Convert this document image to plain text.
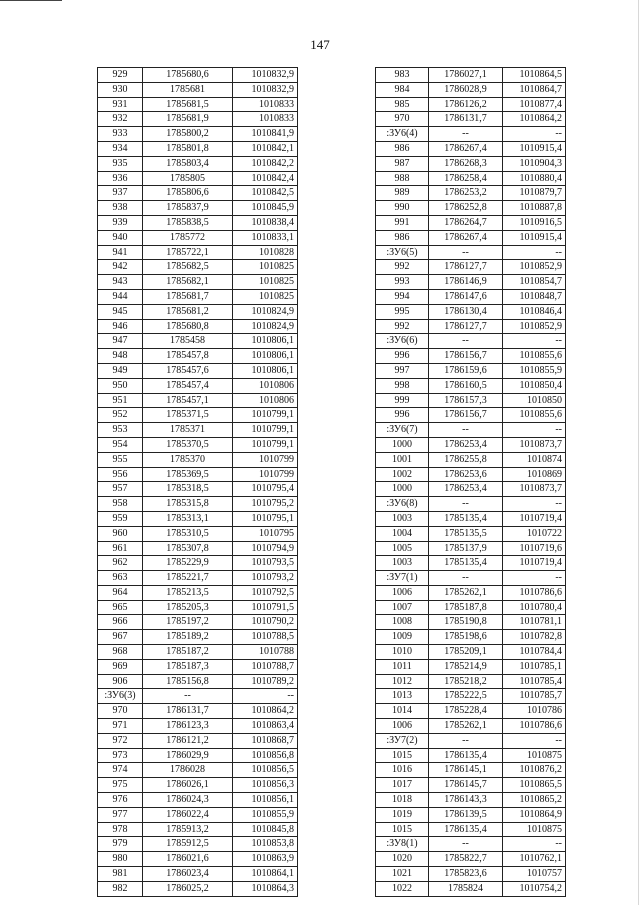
147
929	1785680,6	1010832,9
930	1785681	1010832,9
931	1785681,5	1010833
932	1785681,9	1010833
933	1785800,2	1010841,9
934	1785801,8	1010842,1
935	1785803,4	1010842,2
936	1785805	1010842,4
937	1785806,6	1010842,5
938	1785837,9	1010845,9
939	1785838,5	1010838,4
940	1785772	1010833,1
941	1785722,1	1010828
942	1785682,5	1010825
943	1785682,1	1010825
944	1785681,7	1010825
945	1785681,2	1010824,9
946	1785680,8	1010824,9
947	1785458	1010806,1
948	1785457,8	1010806,1
949	1785457,6	1010806,1
950	1785457,4	1010806
951	1785457,1	1010806
952	1785371,5	1010799,1
953	1785371	1010799,1
954	1785370,5	1010799,1
955	1785370	1010799
956	1785369,5	1010799
957	1785318,5	1010795,4
958	1785315,8	1010795,2
959	1785313,1	1010795,1
960	1785310,5	1010795
961	1785307,8	1010794,9
962	1785229,9	1010793,5
963	1785221,7	1010793,2
964	1785213,5	1010792,5
965	1785205,3	1010791,5
966	1785197,2	1010790,2
967	1785189,2	1010788,5
968	1785187,2	1010788
969	1785187,3	1010788,7
906	1785156,8	1010789,2
:ЗУ6(3)	--	--
970	1786131,7	1010864,2
971	1786123,3	1010863,4
972	1786121,2	1010868,7
973	1786029,9	1010856,8
974	1786028	1010856,5
975	1786026,1	1010856,3
976	1786024,3	1010856,1
977	1786022,4	1010855,9
978	1785913,2	1010845,8
979	1785912,5	1010853,8
980	1786021,6	1010863,9
981	1786023,4	1010864,1
982	1786025,2	1010864,3
983	1786027,1	1010864,5
984	1786028,9	1010864,7
985	1786126,2	1010877,4
970	1786131,7	1010864,2
:ЗУ6(4)	--	--
986	1786267,4	1010915,4
987	1786268,3	1010904,3
988	1786258,4	1010880,4
989	1786253,2	1010879,7
990	1786252,8	1010887,8
991	1786264,7	1010916,5
986	1786267,4	1010915,4
:ЗУ6(5)	--	--
992	1786127,7	1010852,9
993	1786146,9	1010854,7
994	1786147,6	1010848,7
995	1786130,4	1010846,4
992	1786127,7	1010852,9
:ЗУ6(6)	--	--
996	1786156,7	1010855,6
997	1786159,6	1010855,9
998	1786160,5	1010850,4
999	1786157,3	1010850
996	1786156,7	1010855,6
:ЗУ6(7)	--	--
1000	1786253,4	1010873,7
1001	1786255,8	1010874
1002	1786253,6	1010869
1000	1786253,4	1010873,7
:ЗУ6(8)	--	--
1003	1785135,4	1010719,4
1004	1785135,5	1010722
1005	1785137,9	1010719,6
1003	1785135,4	1010719,4
:ЗУ7(1)	--	--
1006	1785262,1	1010786,6
1007	1785187,8	1010780,4
1008	1785190,8	1010781,1
1009	1785198,6	1010782,8
1010	1785209,1	1010784,4
1011	1785214,9	1010785,1
1012	1785218,2	1010785,4
1013	1785222,5	1010785,7
1014	1785228,4	1010786
1006	1785262,1	1010786,6
:ЗУ7(2)	--	--
1015	1786135,4	1010875
1016	1786145,1	1010876,2
1017	1786145,7	1010865,5
1018	1786143,3	1010865,2
1019	1786139,5	1010864,9
1015	1786135,4	1010875
:ЗУ8(1)	--	--
1020	1785822,7	1010762,1
1021	1785823,6	1010757
1022	1785824	1010754,2
